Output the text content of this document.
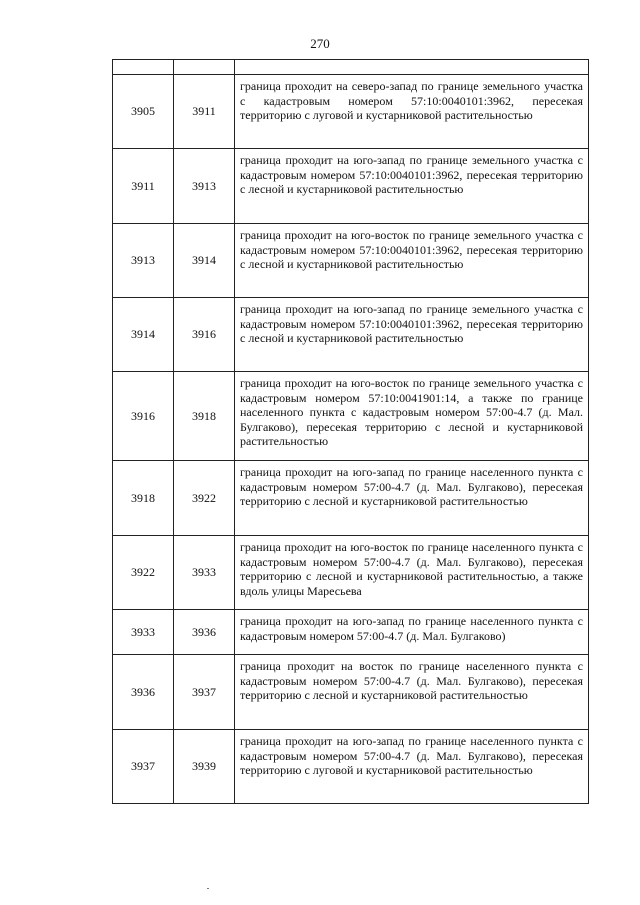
270

3905	3911	граница проходит на северо-запад по границе земельного участка с кадастровым номером 57:10:0040101:3962, пересекая территорию с луговой и кустарниковой растительностью

3911	3913	граница проходит на юго-запад по границе земельного участка с кадастровым номером 57:10:0040101:3962, пересекая территорию с лесной и кустарниковой растительностью

3913	3914	граница проходит на юго-восток по границе земельного участка с кадастровым номером 57:10:0040101:3962, пересекая территорию с лесной и кустарниковой растительностью

3914	3916	граница проходит на юго-запад по границе земельного участка с кадастровым номером 57:10:0040101:3962, пересекая территорию с лесной и кустарниковой растительностью

3916	3918	граница проходит на юго-восток по границе земельного участка с кадастровым номером 57:10:0041901:14, а также по границе населенного пункта с кадастровым номером 57:00-4.7 (д. Мал. Булгаково), пересекая территорию с лесной и кустарниковой растительностью

3918	3922	граница проходит на юго-запад по границе населенного пункта с кадастровым номером 57:00-4.7 (д. Мал. Булгаково), пересекая территорию с лесной и кустарниковой растительностью

3922	3933	граница проходит на юго-восток по границе населенного пункта с кадастровым номером 57:00-4.7 (д. Мал. Булгаково), пересекая территорию с лесной и кустарниковой растительностью, а также вдоль улицы Маресьева

3933	3936	граница проходит на юго-запад по границе населенного пункта с кадастровым номером 57:00-4.7 (д. Мал. Булгаково)

3936	3937	граница проходит на восток по границе населенного пункта с кадастровым номером 57:00-4.7 (д. Мал. Булгаково), пересекая территорию с лесной и кустарниковой растительностью

3937	3939	граница проходит на юго-запад по границе населенного пункта с кадастровым номером 57:00-4.7 (д. Мал. Булгаково), пересекая территорию с луговой и кустарниковой растительностью
